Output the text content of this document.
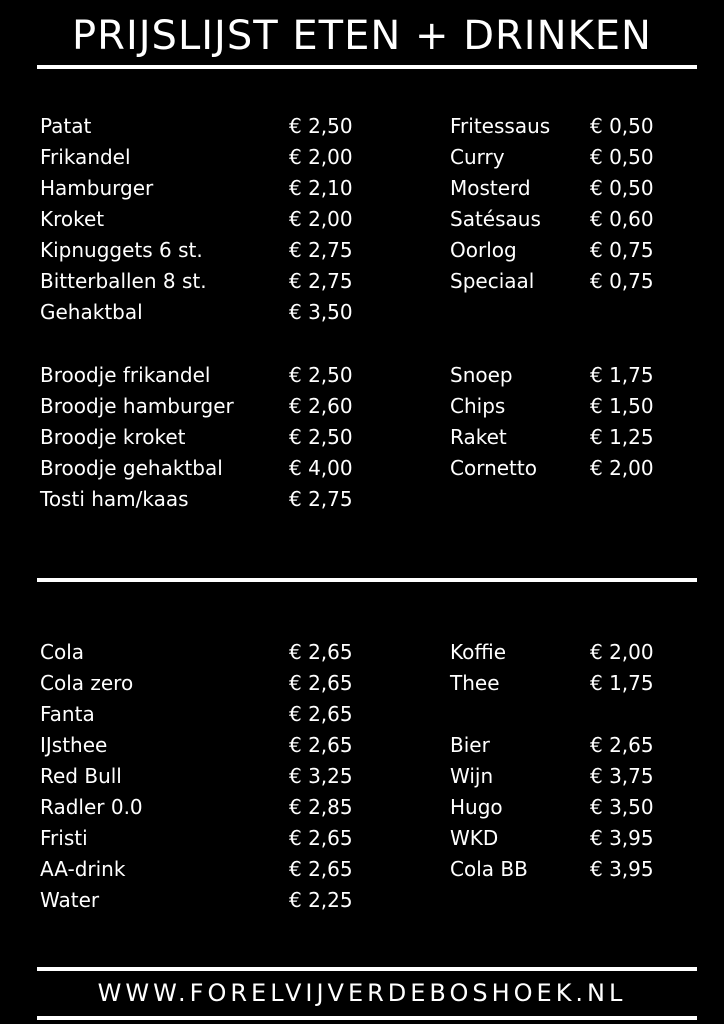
PRIJSLIJST ETEN + DRINKEN
Patat	€ 2,50
Frikandel	€ 2,00
Hamburger	€ 2,10
Kroket	€ 2,00
Kipnuggets 6 st.	€ 2,75
Bitterballen 8 st.	€ 2,75
Gehaktbal	€ 3,50
Fritessaus € 0,50
Curry	€ 0,50
Mosterd	€ 0,50
Satésaus € 0,60
Oorlog	€ 0,75
Speciaal	€ 0,75
Broodje frikandel	€ 2,50
Broodje hamburger	€ 2,60
Broodje kroket	€ 2,50
Broodje gehaktbal	€ 4,00
Tosti ham/kaas	€ 2,75
Snoep	€ 1,75
Chips	€ 1,50
Raket	€ 1,25
Cornetto	€ 2,00
Cola	€ 2,65
Cola zero	€ 2,65
Fanta	€ 2,65
IJsthee	€ 2,65
Red Bull	€ 3,25
Radler 0.0	€ 2,85
Fristi	€ 2,65
AA-drink	€ 2,65
Water	€ 2,25
Koffie	€ 2,00
Thee	€ 1,75
Bier	€ 2,65
Wijn	€ 3,75
Hugo	€ 3,50
WKD	€ 3,95
Cola BB	€ 3,95
WWW.FORELVIJVERDEBOSHOEK.NL
